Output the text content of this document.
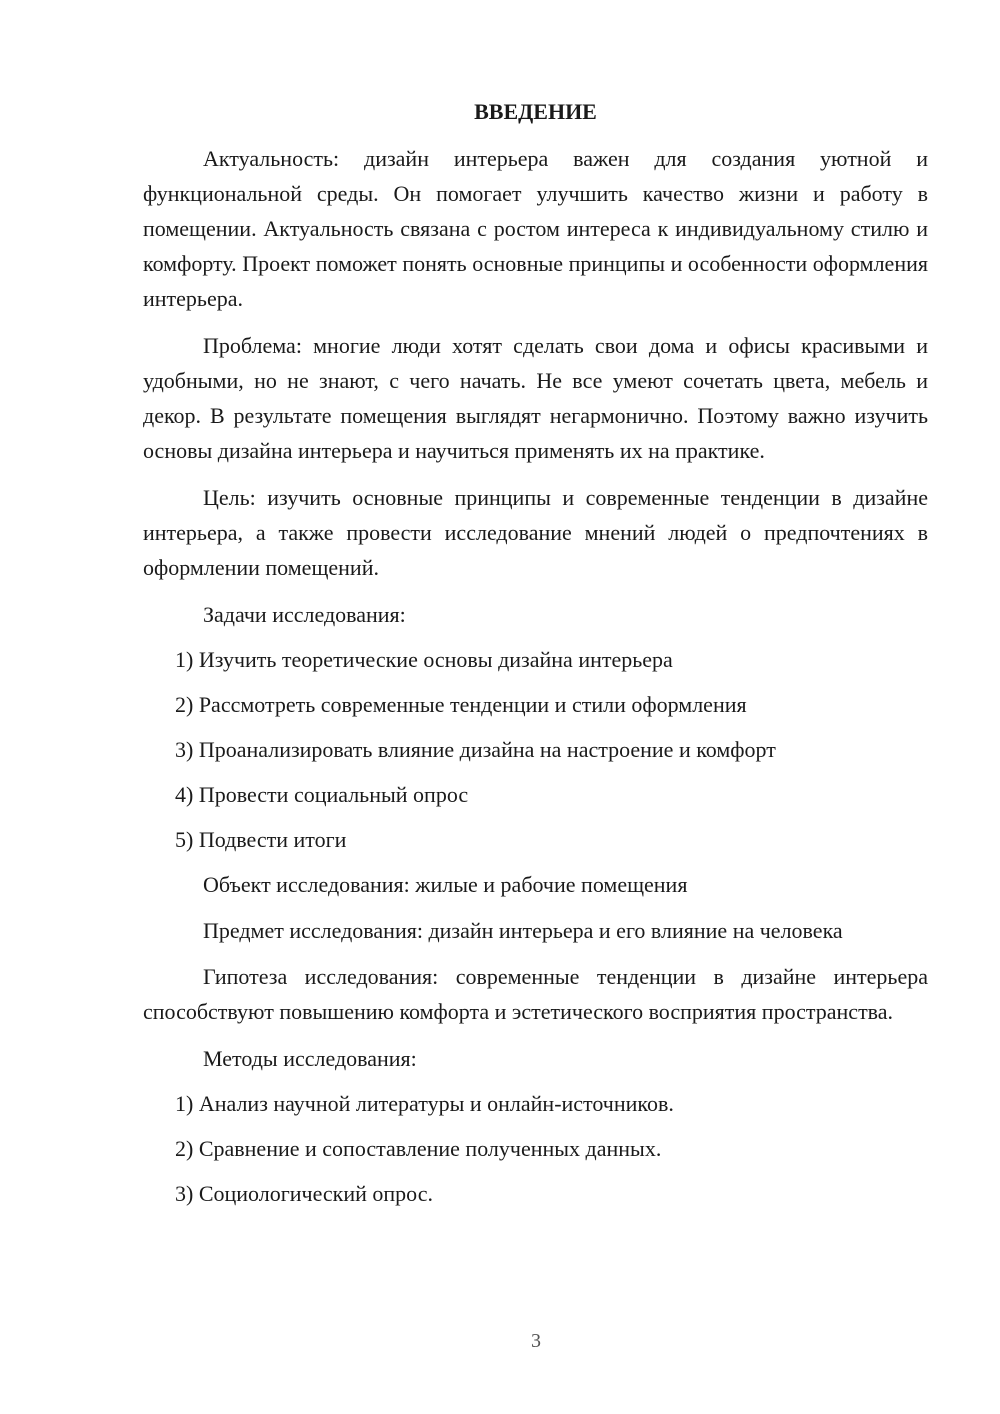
ВВЕДЕНИЕ

Актуальность: дизайн интерьера важен для создания уютной и функциональной среды. Он помогает улучшить качество жизни и работу в помещении. Актуальность связана с ростом интереса к индивидуальному стилю и комфорту. Проект поможет понять основные принципы и особенности оформления интерьера.

Проблема: многие люди хотят сделать свои дома и офисы красивыми и удобными, но не знают, с чего начать. Не все умеют сочетать цвета, мебель и декор. В результате помещения выглядят негармонично. Поэтому важно изучить основы дизайна интерьера и научиться применять их на практике.

Цель: изучить основные принципы и современные тенденции в дизайне интерьера, а также провести исследование мнений людей о предпочтениях в оформлении помещений.

Задачи исследования:

1) Изучить теоретические основы дизайна интерьера
2) Рассмотреть современные тенденции и стили оформления
3) Проанализировать влияние дизайна на настроение и комфорт
4) Провести социальный опрос
5) Подвести итоги

Объект исследования: жилые и рабочие помещения

Предмет исследования: дизайн интерьера и его влияние на человека

Гипотеза исследования: современные тенденции в дизайне интерьера способствуют повышению комфорта и эстетического восприятия пространства.

Методы исследования:

1) Анализ научной литературы и онлайн-источников.
2) Сравнение и сопоставление полученных данных.
3) Социологический опрос.
3
